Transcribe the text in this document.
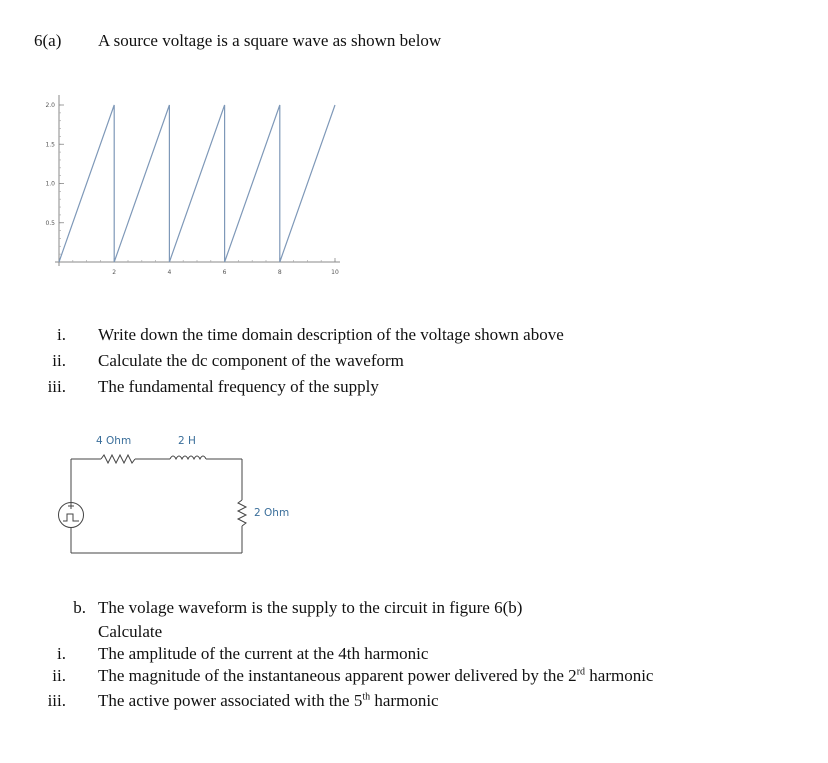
6(a) A source voltage is a square wave as shown below
0.5
1.0
1.5
2.0
2	4	6	8	10
i. Write down the time domain description of the voltage shown above
ii. Calculate the dc component of the waveform
iii. The fundamental frequency of the supply
4 Ohm	2 H
2 Ohm
b. The volage waveform is the supply to the circuit in figure 6(b)
Calculate
i. The amplitude of the current at the 4th harmonic
ii. The magnitude of the instantaneous apparent power delivered by the 2rd harmonic
iii. The active power associated with the 5th harmonic
